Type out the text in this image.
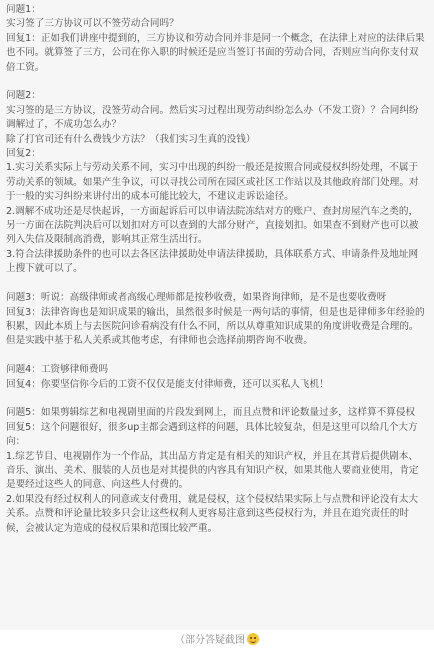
问题1：

实习签了三方协议可以不签劳动合同吗？

回复1：正如我们讲座中提到的，三方协议和劳动合同并非是同一个概念，在法律上对应的法律后果也不同。就算签了三方，公司在你入职的时候还是应当签订书面的劳动合同，否则应当向你支付双倍工资。

问题2：

实习签的是三方协议，没签劳动合同。然后实习过程出现劳动纠纷怎么办（不发工资）？合同纠纷调解过了，不成功怎么办？

除了打官司还有什么费钱少方法？（我们实习生真的没钱）

回复2：

1.实习关系实际上与劳动关系不同，实习中出现的纠纷一般还是按照合同或侵权纠纷处理，不属于劳动关系的领域。如果产生争议，可以寻找公司所在园区或社区工作站以及其他政府部门处理。对于一般的实习纠纷来讲付出的成本可能比较大，不建议走诉讼途径。

2.调解不成功还是尽快起诉，一方面起诉后可以申请法院冻结对方的账户、查封房屋汽车之类的，另一方面在法院判决后可以划扣对方可以查到的大部分财产，直接划扣。如果查不到财产也可以被列入失信及限制高消费，影响其正常生活出行。

3.符合法律援助条件的也可以去各区法律援助处申请法律援助，具体联系方式、申请条件及地址网上搜下就可以了。

问题3：听说：高级律师或者高级心理师都是按秒收费，如果咨询律师，是不是也要收费呀

回复3：法律咨询也是知识成果的输出，虽然很多时候是一两句话的事情，但是也是律师多年经验的积累，因此本质上与去医院问诊看病没有什么不同，所以从尊重知识成果的角度讲收费是合理的。但是实践中基于私人关系或其他考虑，有律师也会选择前期咨询不收费。

问题4：工资够律师费吗

回复4：你要坚信你今后的工资不仅仅是能支付律师费，还可以买私人飞机！

问题5：如果剪辑综艺和电视剧里面的片段发到网上，而且点赞和评论数量过多，这样算不算侵权

回复5：这个问题很好，很多up主都会遇到这样的问题，具体比较复杂，但是这里可以给几个大方向：

1.综艺节目、电视剧作为一个作品，其出品方肯定是有相关的知识产权，并且在其背后提供剧本、音乐、演出、美术、服装的人员也是对其提供的内容具有知识产权，如果其他人要商业使用，肯定是要经过这些人的同意、向这些人付费的。

2.如果没有经过权利人的同意或支付费用，就是侵权，这个侵权结果实际上与点赞和评论没有太大关系。点赞和评论量比较多只会让这些权利人更容易注意到这些侵权行为，并且在追究责任的时候，会被认定为造成的侵权后果和范围比较严重。

（部分答疑截图
